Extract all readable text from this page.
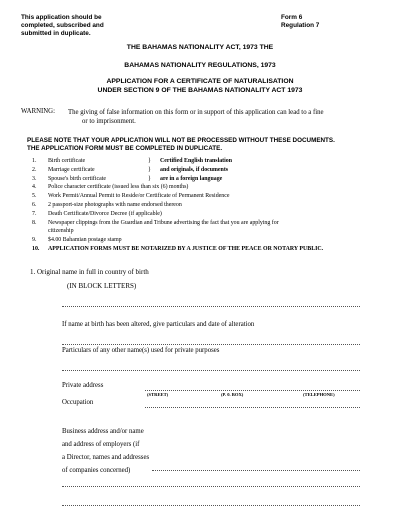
This application should be
completed, subscribed and
submitted in duplicate.
Form 6
Regulation 7
THE BAHAMAS NATIONALITY ACT, 1973 THE
BAHAMAS NATIONALITY REGULATIONS, 1973
APPLICATION FOR A CERTIFICATE OF NATURALISATION
UNDER SECTION 9 OF THE BAHAMAS NATIONALITY ACT 1973
WARNING: The giving of false information on this form or in support of this application can lead to a fine
or to imprisonment.
PLEASE NOTE THAT YOUR APPLICATION WILL NOT BE PROCESSED WITHOUT THESE DOCUMENTS.
THE APPLICATION FORM MUST BE COMPLETED IN DUPLICATE.
1.	Birth certificate	}	Certified English translation
2.	Marriage certificate	}	and originals, if documents
3.	Spouse's birth certificate	}	are in a foreign language
4.	Police character certificate (issued less than six (6) months)
5.	Work Permit/Annual Permit to Reside/or Certificate of Permanent Residence
6.	2 passport-size photographs with name endorsed thereon
7.	Death Certificate/Divorce Decree (if applicable)
8.	Newspaper clippings from the Guardian and Tribune advertising the fact that you are applying for
citizenship
9.	$4.00 Bahamian postage stamp
10.	APPLICATION FORMS MUST BE NOTARIZED BY A JUSTICE OF THE PEACE OR NOTARY PUBLIC.
1. Original name in full in country of birth
(IN BLOCK LETTERS)
If name at birth has been altered, give particulars and date of alteration
Particulars of any other name(s) used for private purposes
Private address
(STREET)	(P. 0. BOX)	(TELEPHONE)
Occupation
Business address and/or name
and address of employers (if
a Director, names and addresses
of companies concerned)
